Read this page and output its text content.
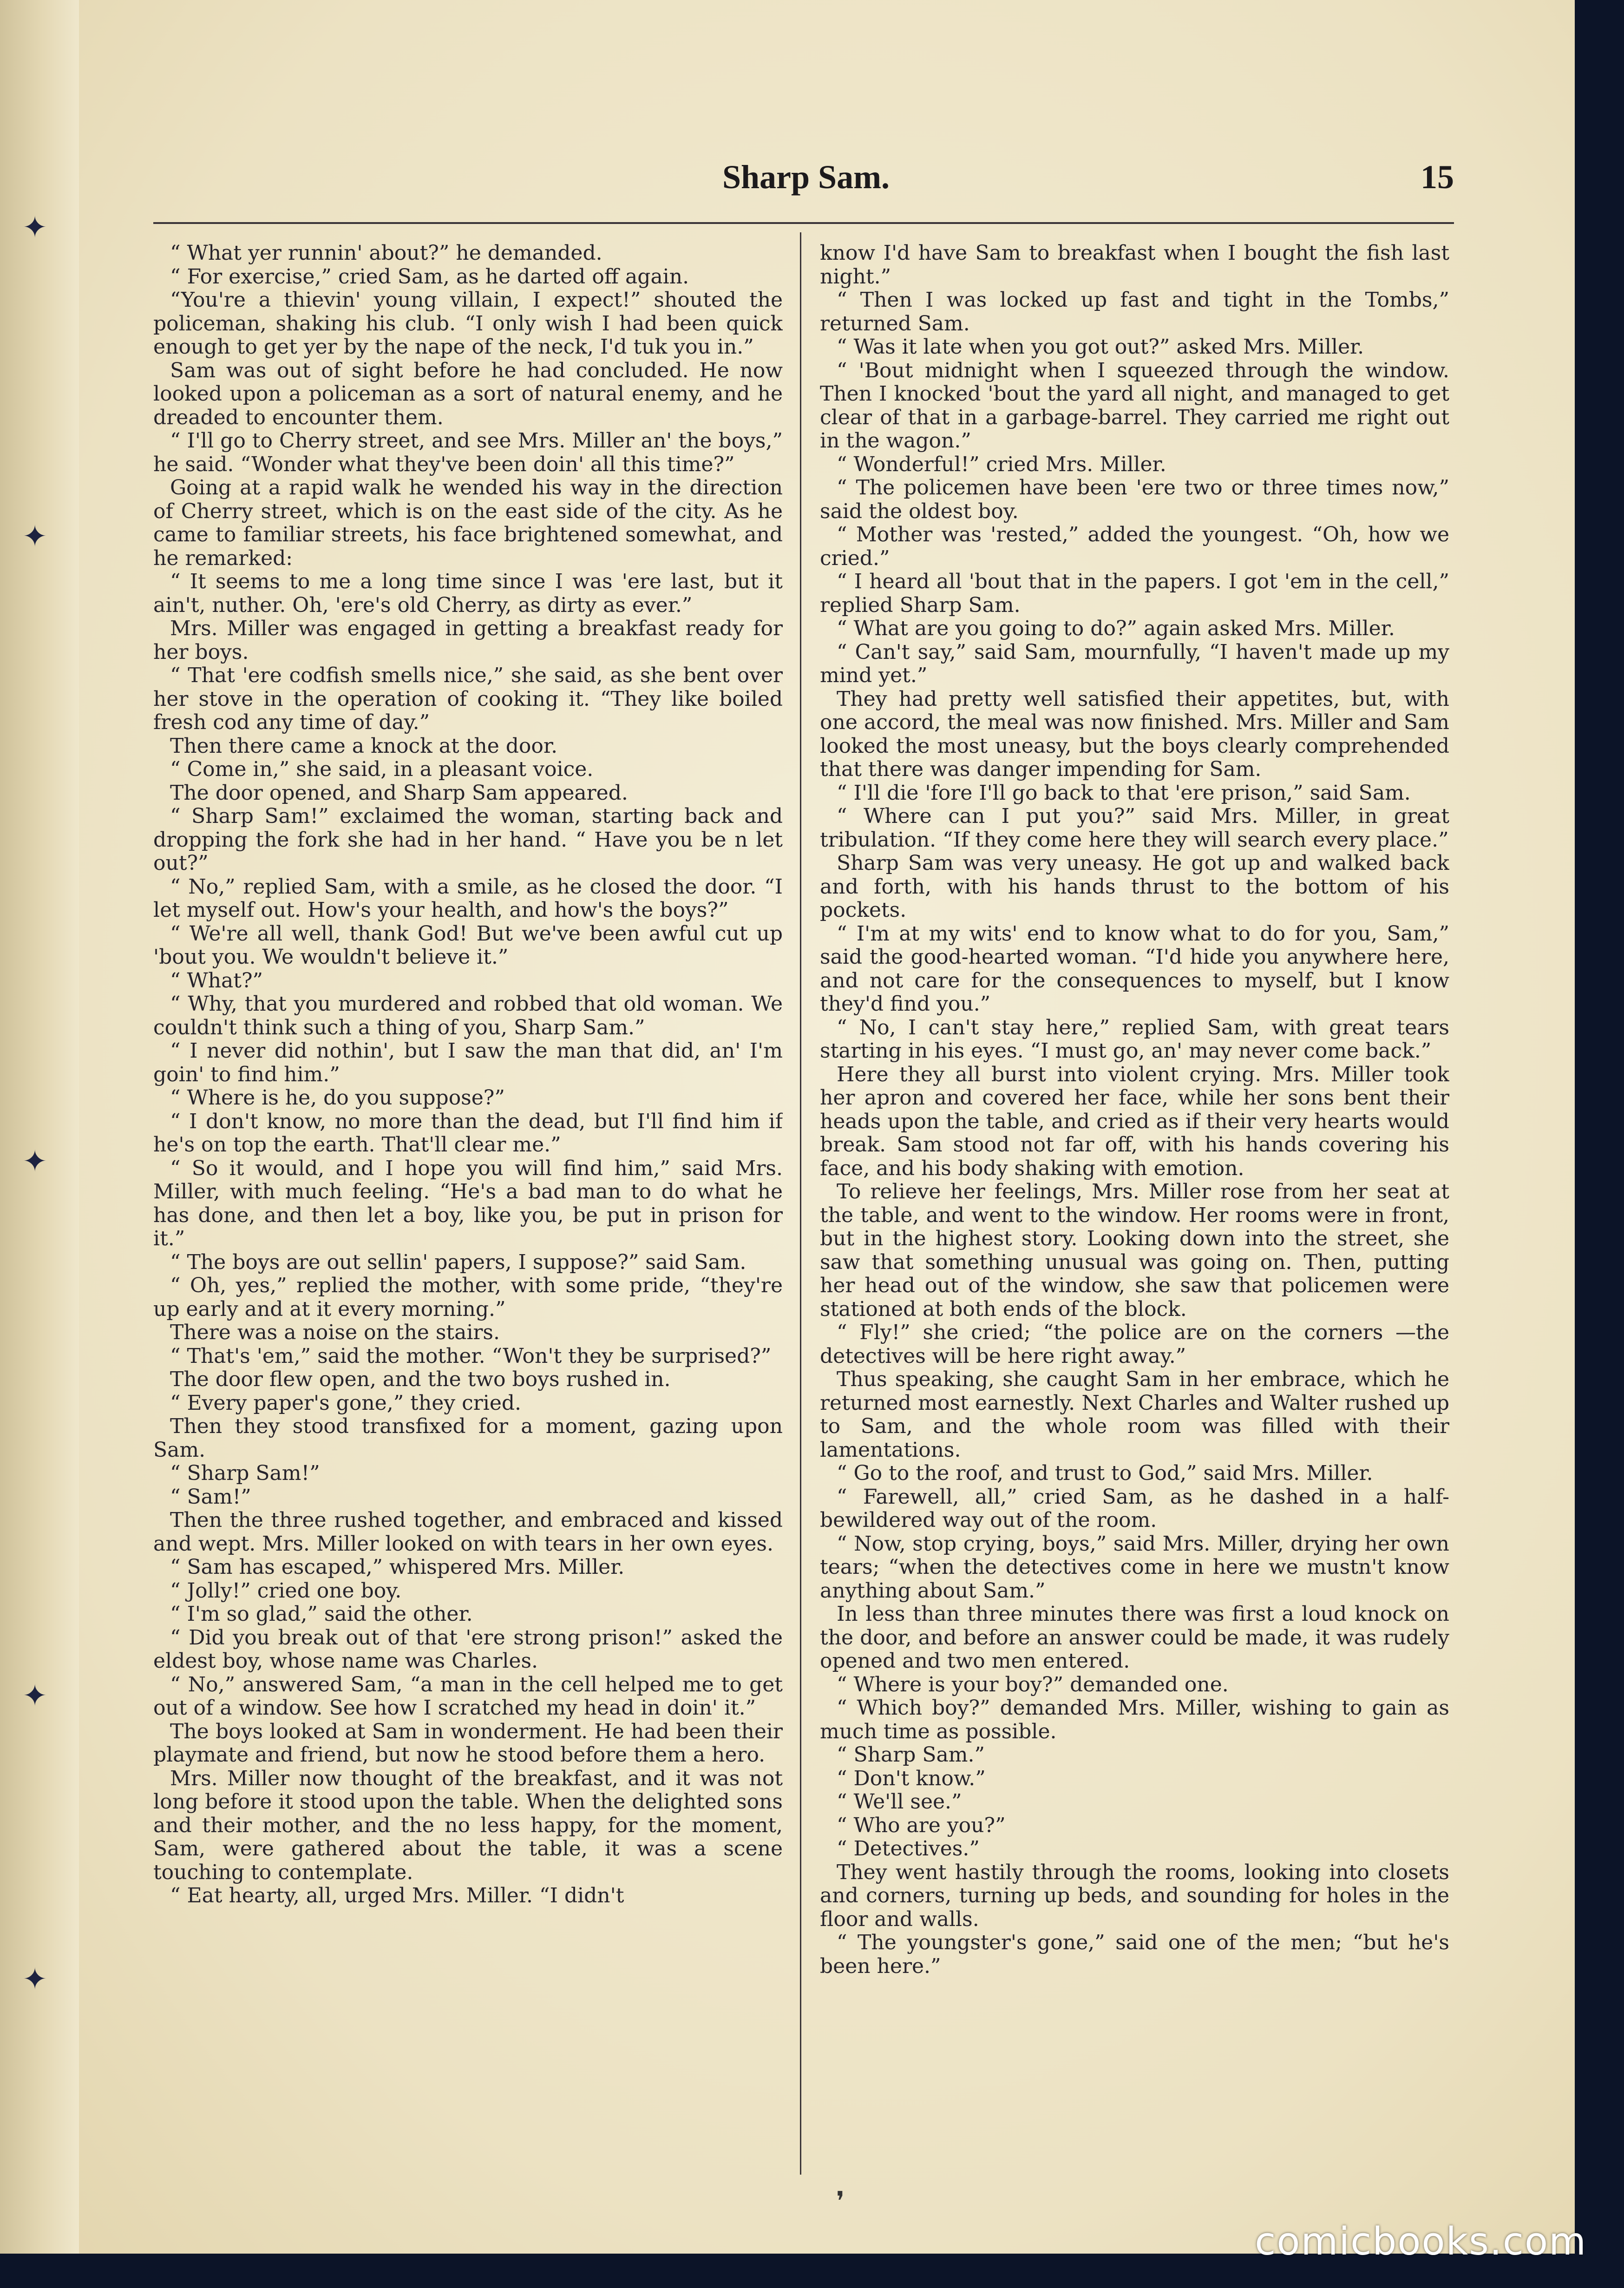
✦
✦
✦
✦
✦
Sharp Sam.	15

“ What yer runnin' about?” he demanded.

“ For exercise,” cried Sam, as he darted off again.

“You're a thievin' young villain, I expect!” shouted the policeman, shaking his club. “I only wish I had been quick enough to get yer by the nape of the neck, I'd tuk you in.”

Sam was out of sight before he had concluded. He now looked upon a policeman as a sort of natural enemy, and he dreaded to encounter them.

“ I'll go to Cherry street, and see Mrs. Miller an' the boys,” he said. “Wonder what they've been doin' all this time?”

Going at a rapid walk he wended his way in the direction of Cherry street, which is on the east side of the city. As he came to familiar streets, his face brightened somewhat, and he remarked:

“ It seems to me a long time since I was 'ere last, but it ain't, nuther. Oh, 'ere's old Cherry, as dirty as ever.”

Mrs. Miller was engaged in getting a breakfast ready for her boys.

“ That 'ere codfish smells nice,” she said, as she bent over her stove in the operation of cooking it. “They like boiled fresh cod any time of day.”

Then there came a knock at the door.

“ Come in,” she said, in a pleasant voice.

The door opened, and Sharp Sam appeared.

“ Sharp Sam!” exclaimed the woman, starting back and dropping the fork she had in her hand. “ Have you be n let out?”

“ No,” replied Sam, with a smile, as he closed the door. “I let myself out. How's your health, and how's the boys?”

“ We're all well, thank God! But we've been awful cut up 'bout you. We wouldn't believe it.”

“ What?”

“ Why, that you murdered and robbed that old woman. We couldn't think such a thing of you, Sharp Sam.”

“ I never did nothin', but I saw the man that did, an' I'm goin' to find him.”

“ Where is he, do you suppose?”

“ I don't know, no more than the dead, but I'll find him if he's on top the earth. That'll clear me.”

“ So it would, and I hope you will find him,” said Mrs. Miller, with much feeling. “He's a bad man to do what he has done, and then let a boy, like you, be put in prison for it.”

“ The boys are out sellin' papers, I suppose?” said Sam.

“ Oh, yes,” replied the mother, with some pride, “they're up early and at it every morning.”

There was a noise on the stairs.

“ That's 'em,” said the mother. “Won't they be surprised?”

The door flew open, and the two boys rushed in.

“ Every paper's gone,” they cried.

Then they stood transfixed for a moment, gazing upon Sam.

“ Sharp Sam!”

“ Sam!”

Then the three rushed together, and embraced and kissed and wept. Mrs. Miller looked on with tears in her own eyes.

“ Sam has escaped,” whispered Mrs. Miller.

“ Jolly!” cried one boy.

“ I'm so glad,” said the other.

“ Did you break out of that 'ere strong prison!” asked the eldest boy, whose name was Charles.

“ No,” answered Sam, “a man in the cell helped me to get out of a window. See how I scratched my head in doin' it.”

The boys looked at Sam in wonderment. He had been their playmate and friend, but now he stood before them a hero.

Mrs. Miller now thought of the breakfast, and it was not long before it stood upon the table. When the delighted sons and their mother, and the no less happy, for the moment, Sam, were gathered about the table, it was a scene touching to contemplate.

“ Eat hearty, all, urged Mrs. Miller. “I didn't

know I'd have Sam to breakfast when I bought the fish last night.”

“ Then I was locked up fast and tight in the Tombs,” returned Sam.

“ Was it late when you got out?” asked Mrs. Miller.

“ 'Bout midnight when I squeezed through the window. Then I knocked 'bout the yard all night, and managed to get clear of that in a garbage-barrel. They carried me right out in the wagon.”

“ Wonderful!” cried Mrs. Miller.

“ The policemen have been 'ere two or three times now,” said the oldest boy.

“ Mother was 'rested,” added the youngest. “Oh, how we cried.”

“ I heard all 'bout that in the papers. I got 'em in the cell,” replied Sharp Sam.

“ What are you going to do?” again asked Mrs. Miller.

“ Can't say,” said Sam, mournfully, “I haven't made up my mind yet.”

They had pretty well satisfied their appetites, but, with one accord, the meal was now finished. Mrs. Miller and Sam looked the most uneasy, but the boys clearly comprehended that there was danger impending for Sam.

“ I'll die 'fore I'll go back to that 'ere prison,” said Sam.

“ Where can I put you?” said Mrs. Miller, in great tribulation. “If they come here they will search every place.”

Sharp Sam was very uneasy. He got up and walked back and forth, with his hands thrust to the bottom of his pockets.

“ I'm at my wits' end to know what to do for you, Sam,” said the good-hearted woman. “I'd hide you anywhere here, and not care for the consequences to myself, but I know they'd find you.”

“ No, I can't stay here,” replied Sam, with great tears starting in his eyes. “I must go, an' may never come back.”

Here they all burst into violent crying. Mrs. Miller took her apron and covered her face, while her sons bent their heads upon the table, and cried as if their very hearts would break. Sam stood not far off, with his hands covering his face, and his body shaking with emotion.

To relieve her feelings, Mrs. Miller rose from her seat at the table, and went to the window. Her rooms were in front, but in the highest story. Looking down into the street, she saw that something unusual was going on. Then, putting her head out of the window, she saw that policemen were stationed at both ends of the block.

“ Fly!” she cried; “the police are on the corners —the detectives will be here right away.”

Thus speaking, she caught Sam in her embrace, which he returned most earnestly. Next Charles and Walter rushed up to Sam, and the whole room was filled with their lamentations.

“ Go to the roof, and trust to God,” said Mrs. Miller.

“ Farewell, all,” cried Sam, as he dashed in a half-bewildered way out of the room.

“ Now, stop crying, boys,” said Mrs. Miller, drying her own tears; “when the detectives come in here we mustn't know anything about Sam.”

In less than three minutes there was first a loud knock on the door, and before an answer could be made, it was rudely opened and two men entered.

“ Where is your boy?” demanded one.

“ Which boy?” demanded Mrs. Miller, wishing to gain as much time as possible.

“ Sharp Sam.”

“ Don't know.”

“ We'll see.”

“ Who are you?”

“ Detectives.”

They went hastily through the rooms, looking into closets and corners, turning up beds, and sounding for holes in the floor and walls.

“ The youngster's gone,” said one of the men; “but he's been here.”

❜
comicbooks.com
